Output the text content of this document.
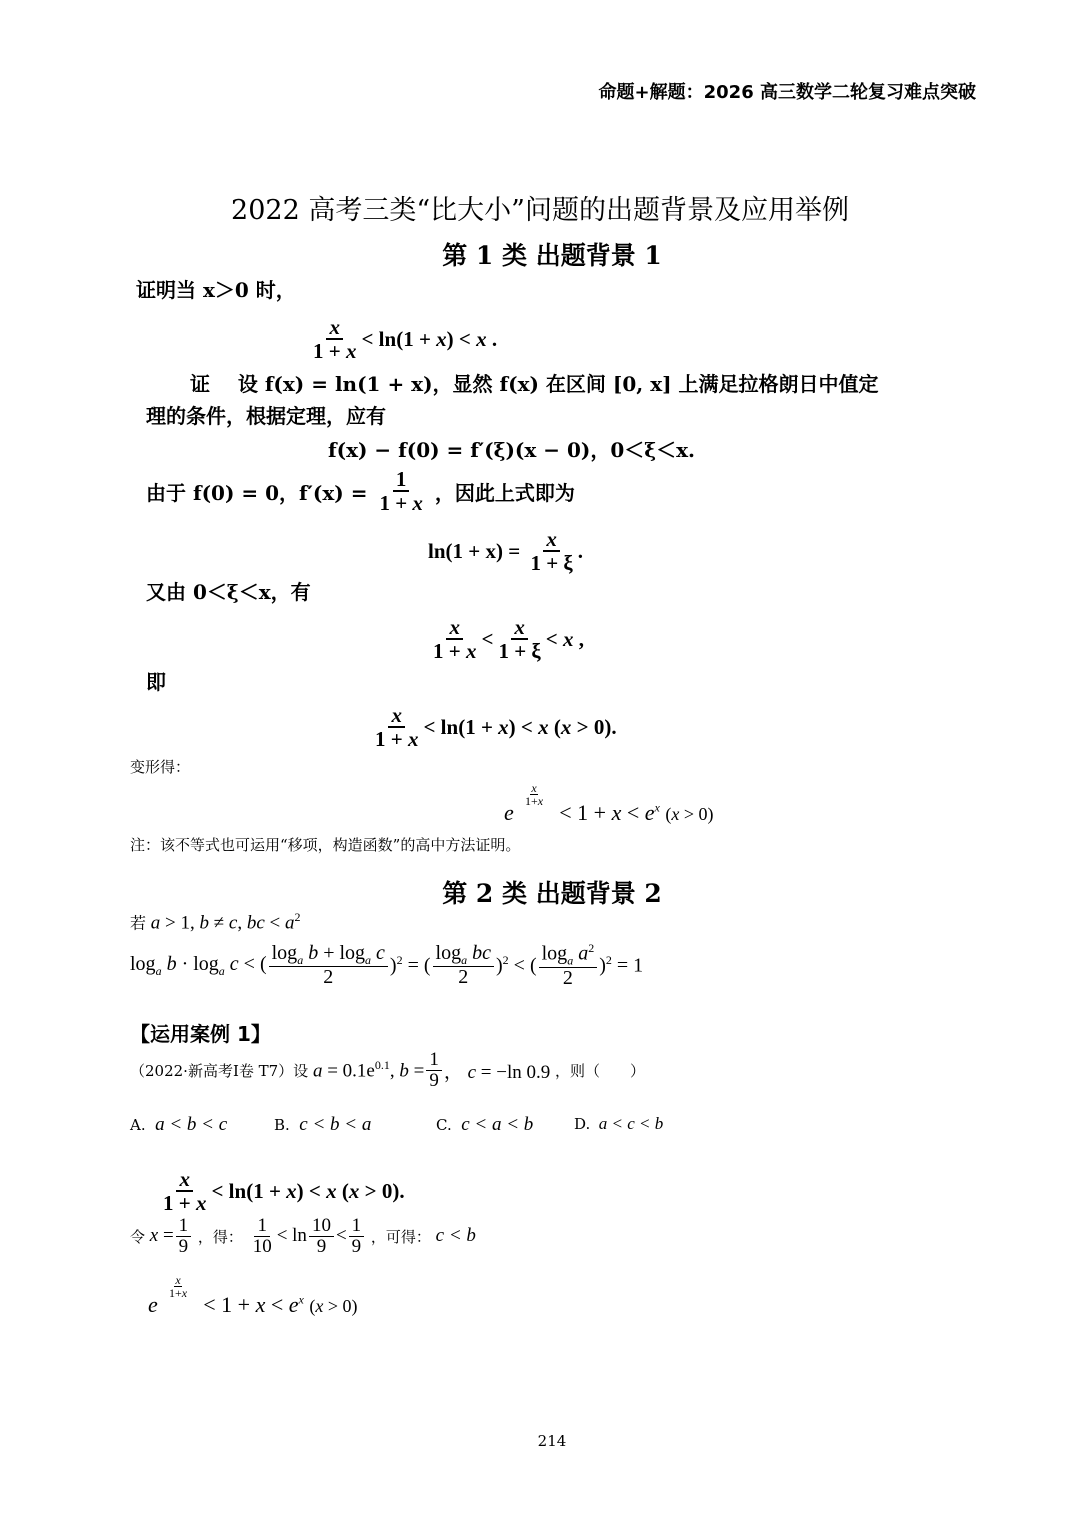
命题+解题：2026 高三数学二轮复习难点突破
2022 高考三类“比大小”问题的出题背景及应用举例
第 1 类 出题背景 1
证明当 x＞0 时，
$\frac{x}{1 + x} < \ln(1 + x) < x$ .
证 设 f(x) = ln(1 + x)，显然 f(x) 在区间 [0, x] 上满足拉格朗日中值定
理的条件，根据定理，应有
f(x) − f(0) = f′(ξ)(x − 0)，0＜ξ＜x.
由于 f(0) = 0，$f'(x) = \frac{1}{1 + x}$ ，因此上式即为
$\ln(1 + x) = \frac{x}{1 + \xi}$ .
又由 0＜ξ＜x，有
$\frac{x}{1 + x} < \frac{x}{1 + \xi} < x$ ,
即
$\frac{x}{1 + x} < \ln(1 + x) < x$ (x > 0).
变形得：
e
$\frac{x}{1+x}$
< $1 + x < e^x$ (x > 0)
注：该不等式也可运用“移项，构造函数”的高中方法证明。
第 2 类 出题背景 2
若 a > 1, b ≠ c, bc < $a^2$
$\log_a b \cdot \log_a c$ < ( $\frac{\log_a b + \log_a c}{2} )^2$ = ( $\frac{\log_a bc}{2} )^2$ < ( $\frac{\log_a a^2}{2} )^2 = 1$
【运用案例 1】
（2022·新高考I卷 T7）设 $a = 0.1e^{0.1}$, $b = \frac{1}{9}$ ， c = −ln 0.9 ，则（　　）
A. a < b < c	B. c < b < a	C. c < a < b	D. a < c < b
$\frac{x}{1 + x} < \ln(1 + x) < x$ (x > 0).
令 $x = \frac{1}{9}$ ，得： $\frac{1}{10} < \ln \frac{10}{9} < \frac{1}{9}$ ，可得： c < b
e
$\frac{x}{1+x}$
< $1 + x < e^x$ (x > 0)
214
